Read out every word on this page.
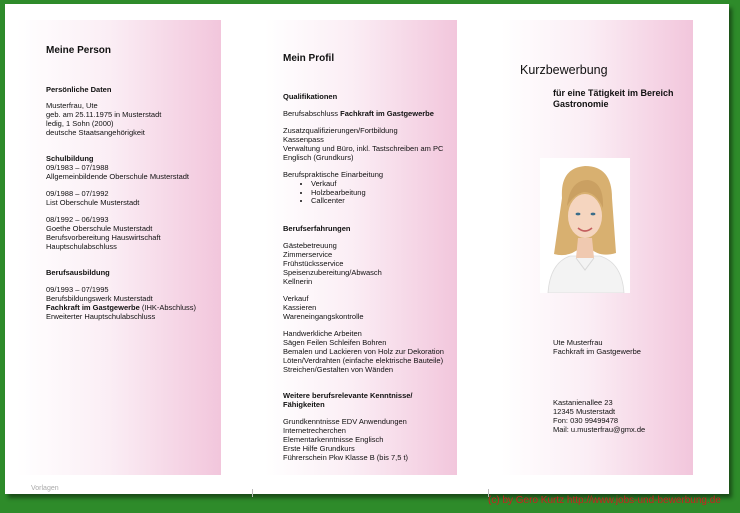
Meine Person
Persönliche Daten
Musterfrau, Ute
geb. am 25.11.1975 in Musterstadt
ledig, 1 Sohn (2000)
deutsche Staatsangehörigkeit
Schulbildung
09/1983 – 07/1988
Allgemeinbildende Oberschule Musterstadt
09/1988 – 07/1992
List Oberschule Musterstadt
08/1992 – 06/1993
Goethe Oberschule Musterstadt
Berufsvorbereitung Hauswirtschaft
Hauptschulabschluss
Berufsausbildung
09/1993 – 07/1995
Berufsbildungswerk Musterstadt
Fachkraft im Gastgewerbe (IHK-Abschluss)
Erweiterter Hauptschulabschluss
Mein Profil
Qualifikationen
Berufsabschluss Fachkraft im Gastgewerbe
Zusatzqualifizierungen/Fortbildung
Kassenpass
Verwaltung und Büro, inkl. Tastschreiben am PC
Englisch (Grundkurs)
Berufspraktische Einarbeitung
• Verkauf
• Holzbearbeitung
• Callcenter
Berufserfahrungen
Gästebetreuung
Zimmerservice
Frühstücksservice
Speisenzubereitung/Abwasch
Kellnerin
Verkauf
Kassieren
Wareneingangskontrolle
Handwerkliche Arbeiten
Sägen Feilen Schleifen Bohren
Bemalen und Lackieren von Holz zur Dekoration
Löten/Verdrahten (einfache elektrische Bauteile)
Streichen/Gestalten von Wänden
Weitere berufsrelevante Kenntnisse/
Fähigkeiten
Grundkenntnisse EDV Anwendungen
Internetrecherchen
Elementarkenntnisse Englisch
Erste Hilfe Grundkurs
Führerschein Pkw Klasse B (bis 7,5 t)
Kurzbewerbung
für eine Tätigkeit im Bereich
Gastronomie
Ute Musterfrau
Fachkraft im Gastgewerbe
Kastanienallee 23
12345 Musterstadt
Fon: 030 99499478
Mail: u.musterfrau@gmx.de
Vorlagen
(c) by Gero Kurtz http://www.jobs-und-bewerbung.de
